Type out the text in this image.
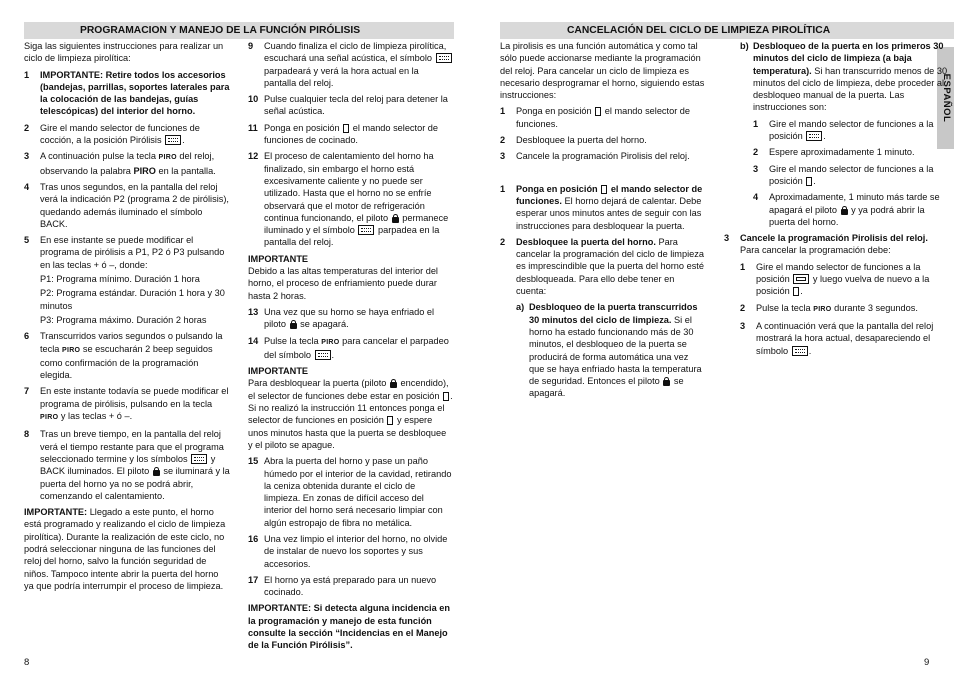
PROGRAMACION Y MANEJO DE LA FUNCIÓN PIRÓLISIS	CANCELACIÓN DEL CICLO DE LIMPIEZA PIROLÍTICA
ESPAÑOL

Siga las siguientes instrucciones para realizar un ciclo de limpieza pirolítica:

1 IMPORTANTE: Retire todos los accesorios (bandejas, parrillas, soportes laterales para la colocación de las bandejas, guías telescópicas) del interior del horno.
2 Gire el mando selector de funciones de cocción, a la posición Pirólisis .
3 A continuación pulse la tecla PIRO del reloj, observando la palabra PIRO en la pantalla.
4 Tras unos segundos, en la pantalla del reloj verá la indicación P2 (programa 2 de pirólisis), quedando además iluminado el símbolo BACK.
5 En ese instante se puede modificar el programa de pirólisis a P1, P2 ó P3 pulsando en las teclas + ó –, donde:

P1: Programa mínimo. Duración 1 hora

P2: Programa estándar. Duración 1 hora y 30 minutos

P3: Programa máximo. Duración 2 horas

6 Transcurridos varios segundos o pulsando la tecla PIRO se escucharán 2 beep seguidos como confirmación de la programación elegida.
7 En este instante todavía se puede modificar el programa de pirólisis, pulsando en la tecla PIRO y las teclas + ó –.
8 Tras un breve tiempo, en la pantalla del reloj verá el tiempo restante para que el programa seleccionado termine y los símbolos	y BACK iluminados. El piloto se iluminará y la puerta del horno ya no se podrá abrir, comenzando el calentamiento.

IMPORTANTE: Llegado a este punto, el horno está programado y realizando el ciclo de limpieza pirolítica). Durante la realización de este ciclo, no podrá seleccionar ninguna de las funciones del reloj del horno, salvo la función seguridad de niños. Tampoco intente abrir la puerta del horno ya que podría interrumpir el proceso de limpieza.

9 Cuando finaliza el ciclo de limpieza pirolítica, escuchará una señal acústica, el símbolo  parpadeará y verá la hora actual en la pantalla del reloj.
10 Pulse cualquier tecla del reloj para detener la señal acústica.
11 Ponga en posición el mando selector de funciones de cocinado.
12 El proceso de calentamiento del horno ha finalizado, sin embargo el horno está excesivamente caliente y no puede ser utilizado. Hasta que el horno no se enfríe observará que el motor de refrigeración continua funcionando, el piloto permanece iluminado y el símbolo	parpadea en la pantalla del reloj.

IMPORTANTE

Debido a las altas temperaturas del interior del horno, el proceso de enfriamiento puede durar hasta 2 horas.

13 Una vez que su horno se haya enfriado el piloto se apagará.
14 Pulse la tecla PIRO para cancelar el parpadeo del símbolo .

IMPORTANTE

Para desbloquear la puerta (piloto encendido), el selector de funciones debe estar en posición . Si no realizó la instrucción 11 entonces ponga el selector de funciones en posición y espere unos minutos hasta que la puerta se desbloquee y el piloto se apague.

15 Abra la puerta del horno y pase un paño húmedo por el interior de la cavidad, retirando la ceniza obtenida durante el ciclo de limpieza. En zonas de difícil acceso del interior del horno será necesario limpiar con algún estropajo de fibra no metálica.
16 Una vez limpio el interior del horno, no olvide de instalar de nuevo los soportes y sus accesorios.
17 El horno ya está preparado para un nuevo cocinado.

IMPORTANTE: Si detecta alguna incidencia en la programación y manejo de esta función consulte la sección “Incidencias en el Manejo de la Función Pirólisis”.

La pirolisis es una función automática y como tal sólo puede accionarse mediante la programación del reloj. Para cancelar un ciclo de limpieza es necesario desprogramar el horno, siguiendo estas instrucciones:

1 Ponga en posición el mando selector de funciones.
2 Desbloquee la puerta del horno.
3 Cancele la programación Pirolisis del reloj.
1 Ponga en posición el mando selector de funciones. El horno dejará de calentar. Debe esperar unos minutos antes de seguir con las instrucciones para desbloquear la puerta.
2 Desbloquee la puerta del horno. Para cancelar la programación del ciclo de limpieza es imprescindible que la puerta del horno esté desbloqueada. Para ello debe tener en cuenta:
a) Desbloqueo de la puerta transcurridos 30 minutos del ciclo de limpieza. Si el horno ha estado funcionando más de 30 minutos, el desbloqueo de la puerta se producirá de forma automática una vez que se haya enfriado hasta la temperatura de seguridad. Entonces el piloto se apagará.
b) Desbloqueo de la puerta en los primeros 30 minutos del ciclo de limpieza (a baja temperatura). Si han transcurrido menos de 30 minutos del ciclo de limpieza, debe proceder al desbloqueo manual de la puerta. Las instrucciones son:
1 Gire el mando selector de funciones a la posición .
2 Espere aproximadamente 1 minuto.
3 Gire el mando selector de funciones a la posición .
4 Aproximadamente, 1 minuto más tarde se apagará el piloto y ya podrá abrir la puerta del horno.
3 Cancele la programación Pirolisis del reloj. Para cancelar la programación debe:
1 Gire el mando selector de funciones a la posición	y luego vuelva de nuevo a la posición .
2 Pulse la tecla PIRO durante 3 segundos.
3 A continuación verá que la pantalla del reloj mostrará la hora actual, desapareciendo el símbolo .
8	9
